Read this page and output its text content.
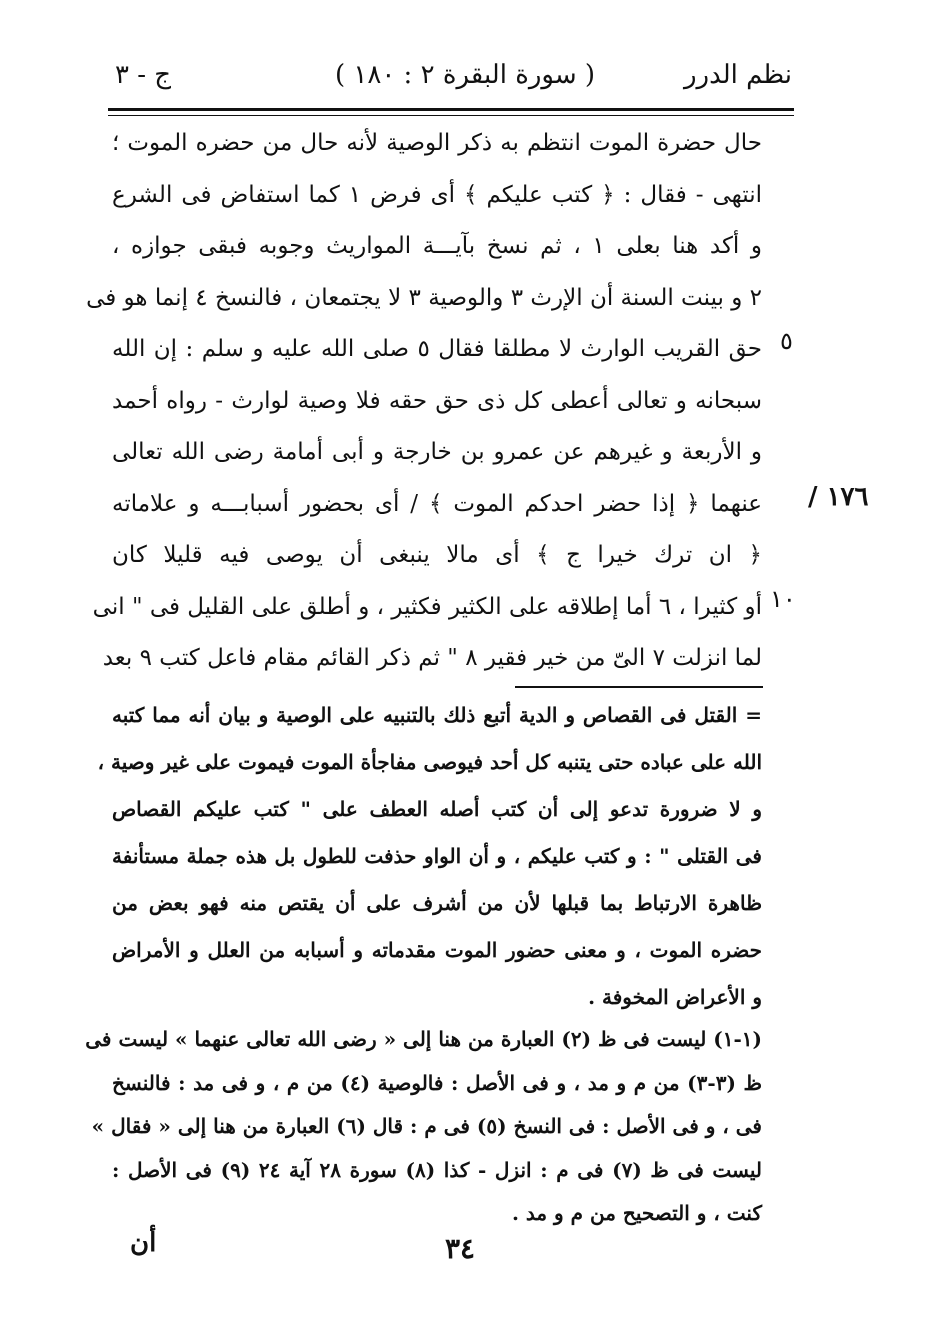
نظم الدرر
( سورة البقرة ٢ : ١٨٠ )
ج - ٣
حال حضرة الموت انتظم به ذكر الوصية لأنه حال من حضره الموت ؛
انتهى - فقال : ﴿ كتب عليكم ﴾ أى فرض ١ كما استفاض فى الشرع
و أكد هنا بعلى ١ ، ثم نسخ بآيـــة المواريث وجوبه فبقى جوازه ،
٢ و بينت السنة أن الإرث ٣ والوصية ٣ لا يجتمعان ، فالنسخ ٤ إنما هو فى
حق القريب الوارث لا مطلقا فقال ٥ صلى الله عليه و سلم : إن الله
سبحانه و تعالى أعطى كل ذى حق حقه فلا وصية لوارث - رواه أحمد
و الأربعة و غيرهم عن عمرو بن خارجة و أبى أمامة رضى الله تعالى
عنهما ﴿ إذا حضر احدكم الموت ﴾ / أى بحضور أسبابـــه و علاماته
﴿ ان ترك خيرا ج ﴾ أى مالا ينبغى أن يوصى فيه قليلا كان
أو كثيرا ، ٦ أما إطلاقه على الكثير فكثير ، و أطلق على القليل فى " انى
لما انزلت ٧ الىّ من خير فقير ٨ " ثم ذكر القائم مقام فاعل كتب ٩ بعد
٥
١٠
١٧٦ /
= القتل فى القصاص و الدية أتبع ذلك بالتنبيه على الوصية و بيان أنه مما كتبه
الله على عباده حتى يتنبه كل أحد فيوصى مفاجأة الموت فيموت على غير وصية ،
و لا ضرورة تدعو إلى أن كتب أصله العطف على " كتب عليكم القصاص
فى القتلى " : و كتب عليكم ، و أن الواو حذفت للطول بل هذه جملة مستأنفة
ظاهرة الارتباط بما قبلها لأن من أشرف على أن يقتص منه فهو بعض من
حضره الموت ، و معنى حضور الموت مقدماته و أسبابه من العلل و الأمراض
و الأعراض المخوفة .
(١-١) ليست فى ظ (٢) العبارة من هنا إلى « رضى الله تعالى عنهما » ليست فى
ظ (٣-٣) من م و مد ، و فى الأصل : فالوصية (٤) من م ، و فى مد : فالنسخ
فى ، و فى الأصل : فى النسخ (٥) فى م : قال (٦) العبارة من هنا إلى « فقال »
ليست فى ظ (٧) فى م : انزل - كذا (٨) سورة ٢٨ آية ٢٤ (٩) فى الأصل :
كنت ، و التصحيح من م و مد .
٣٤
أن
